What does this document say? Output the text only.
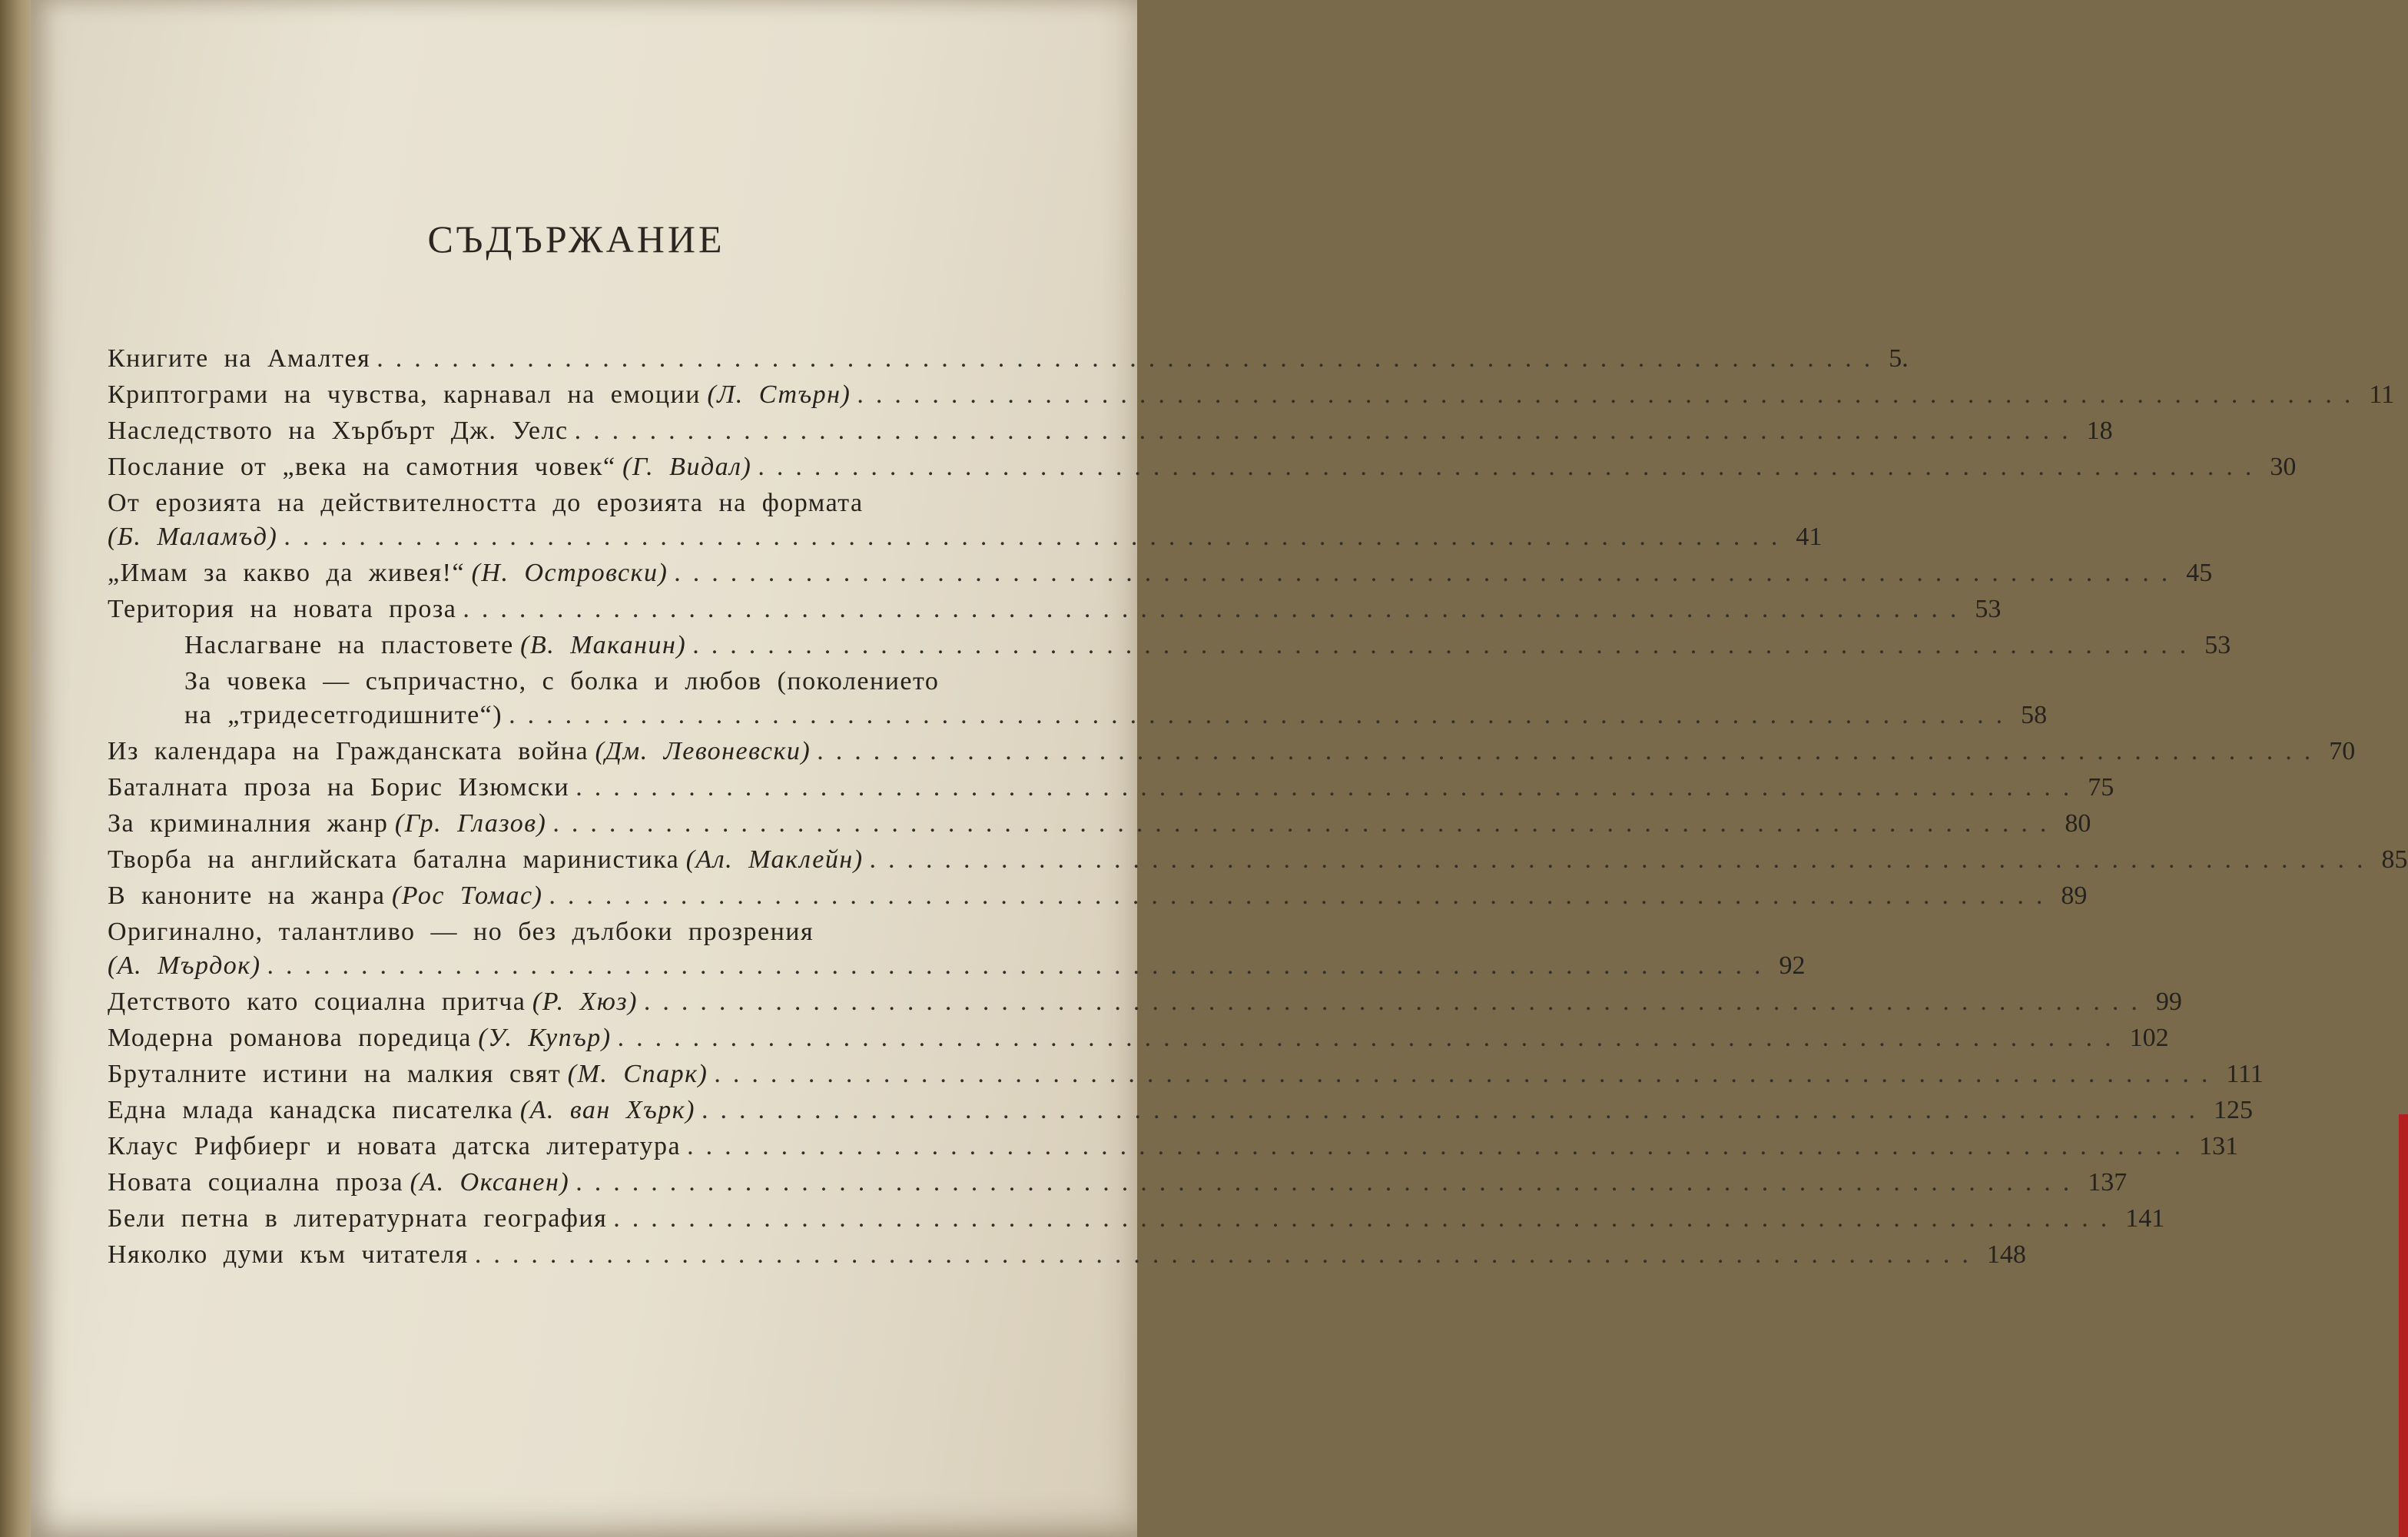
СЪДЪРЖАНИЕ
Книгите на Амалтея ................................................................................ 5.
Криптограми на чувства, карнавал на емоции
(Л. Стърн) ................................................................................ 11
Наследството на Хърбърт Дж. Уелс ................................................................................ 18
Послание от „века на самотния човек“
(Г. Видал) ................................................................................ 30
От ерозията на действителността до ерозията на формата
(Б. Маламъд) ................................................................................ 41
„Имам за какво да живея!“
(Н. Островски) ................................................................................ 45
Територия на новата проза ................................................................................ 53
Наслагване на пластовете
(В. Маканин) ................................................................................ 53
За човека — съпричастно, с болка и любов (поколението
на „тридесетгодишните“) ................................................................................ 58
Из календара на Гражданската война
(Дм. Левоневски) ................................................................................ 70
Баталната проза на Борис Изюмски ................................................................................ 75
За криминалния жанр
(Гр. Глазов) ................................................................................ 80
Творба на английската батална маринистика
(Ал. Маклейн) ................................................................................ 85
В каноните на жанра
(Рос Томас) ................................................................................ 89
Оригинално, талантливо — но без дълбоки прозрения
(А. Мърдок) ................................................................................ 92
Детството като социална притча
(Р. Хюз) ................................................................................ 99
Модерна романова поредица
(У. Купър) ................................................................................ 102
Бруталните истини на малкия свят
(М. Спарк) ................................................................................ 111
Една млада канадска писателка
(А. ван Хърк) ................................................................................ 125
Клаус Рифбиерг и новата датска литература ................................................................................ 131
Новата социална проза
(А. Оксанен) ................................................................................ 137
Бели петна в литературната география ................................................................................ 141
Няколко думи към читателя ................................................................................ 148
